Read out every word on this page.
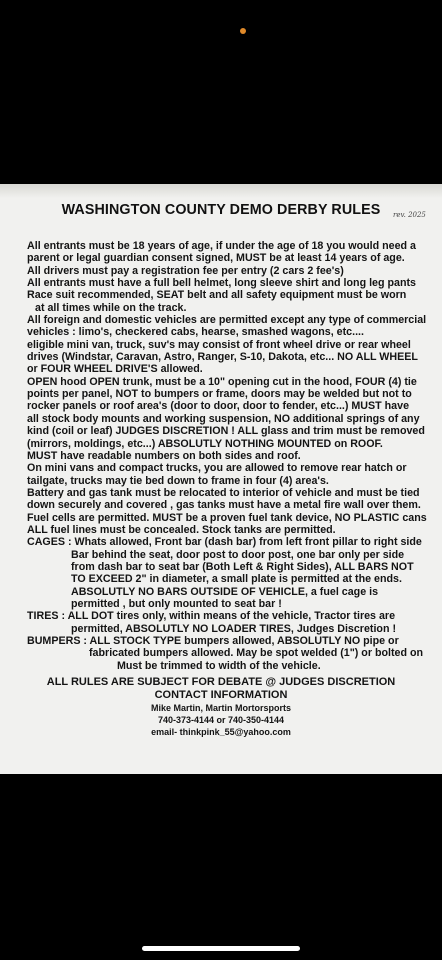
WASHINGTON COUNTY DEMO DERBY RULES	rev. 2025
All entrants must be 18 years of age, if under the age of 18 you would need a
parent or legal guardian consent signed, MUST be at least 14 years of age.
All drivers must pay a registration fee per entry (2 cars 2 fee's)
All entrants must have a full bell helmet, long sleeve shirt and long leg pants
Race suit recommended, SEAT belt and all safety equipment must be worn
at all times while on the track.
All foreign and domestic vehicles are permitted except any type of commercial
vehicles : limo's, checkered cabs, hearse, smashed wagons, etc....
eligible mini van, truck, suv's may consist of front wheel drive or rear wheel
drives (Windstar, Caravan, Astro, Ranger, S-10, Dakota, etc... NO ALL WHEEL
or FOUR WHEEL DRIVE'S allowed.
OPEN hood OPEN trunk, must be a 10" opening cut in the hood, FOUR (4) tie
points per panel, NOT to bumpers or frame, doors may be welded but not to
rocker panels or roof area's (door to door, door to fender, etc...) MUST have
all stock body mounts and working suspension, NO additional springs of any
kind (coil or leaf) JUDGES DISCRETION ! ALL glass and trim must be removed
(mirrors, moldings, etc...) ABSOLUTLY NOTHING MOUNTED on ROOF.
MUST have readable numbers on both sides and roof.
On mini vans and compact trucks, you are allowed to remove rear hatch or
tailgate, trucks may tie bed down to frame in four (4) area's.
Battery and gas tank must be relocated to interior of vehicle and must be tied
down securely and covered , gas tanks must have a metal fire wall over them.
Fuel cells are permitted. MUST be a proven fuel tank device, NO PLASTIC cans
ALL fuel lines must be concealed. Stock tanks are permitted.
CAGES : Whats allowed, Front bar (dash bar) from left front pillar to right side
Bar behind the seat, door post to door post, one bar only per side
from dash bar to seat bar (Both Left & Right Sides), ALL BARS NOT
TO EXCEED 2" in diameter, a small plate is permitted at the ends.
ABSOLUTLY NO BARS OUTSIDE OF VEHICLE, a fuel cage is
permitted , but only mounted to seat bar !
TIRES : ALL DOT tires only, within means of the vehicle, Tractor tires are
permitted, ABSOLUTLY NO LOADER TIRES, Judges Discretion !
BUMPERS : ALL STOCK TYPE bumpers allowed, ABSOLUTLY NO pipe or
fabricated bumpers allowed. May be spot welded (1") or bolted on
Must be trimmed to width of the vehicle.
ALL RULES ARE SUBJECT FOR DEBATE @ JUDGES DISCRETION
CONTACT INFORMATION
Mike Martin, Martin Mortorsports
740-373-4144 or 740-350-4144
email- thinkpink_55@yahoo.com
